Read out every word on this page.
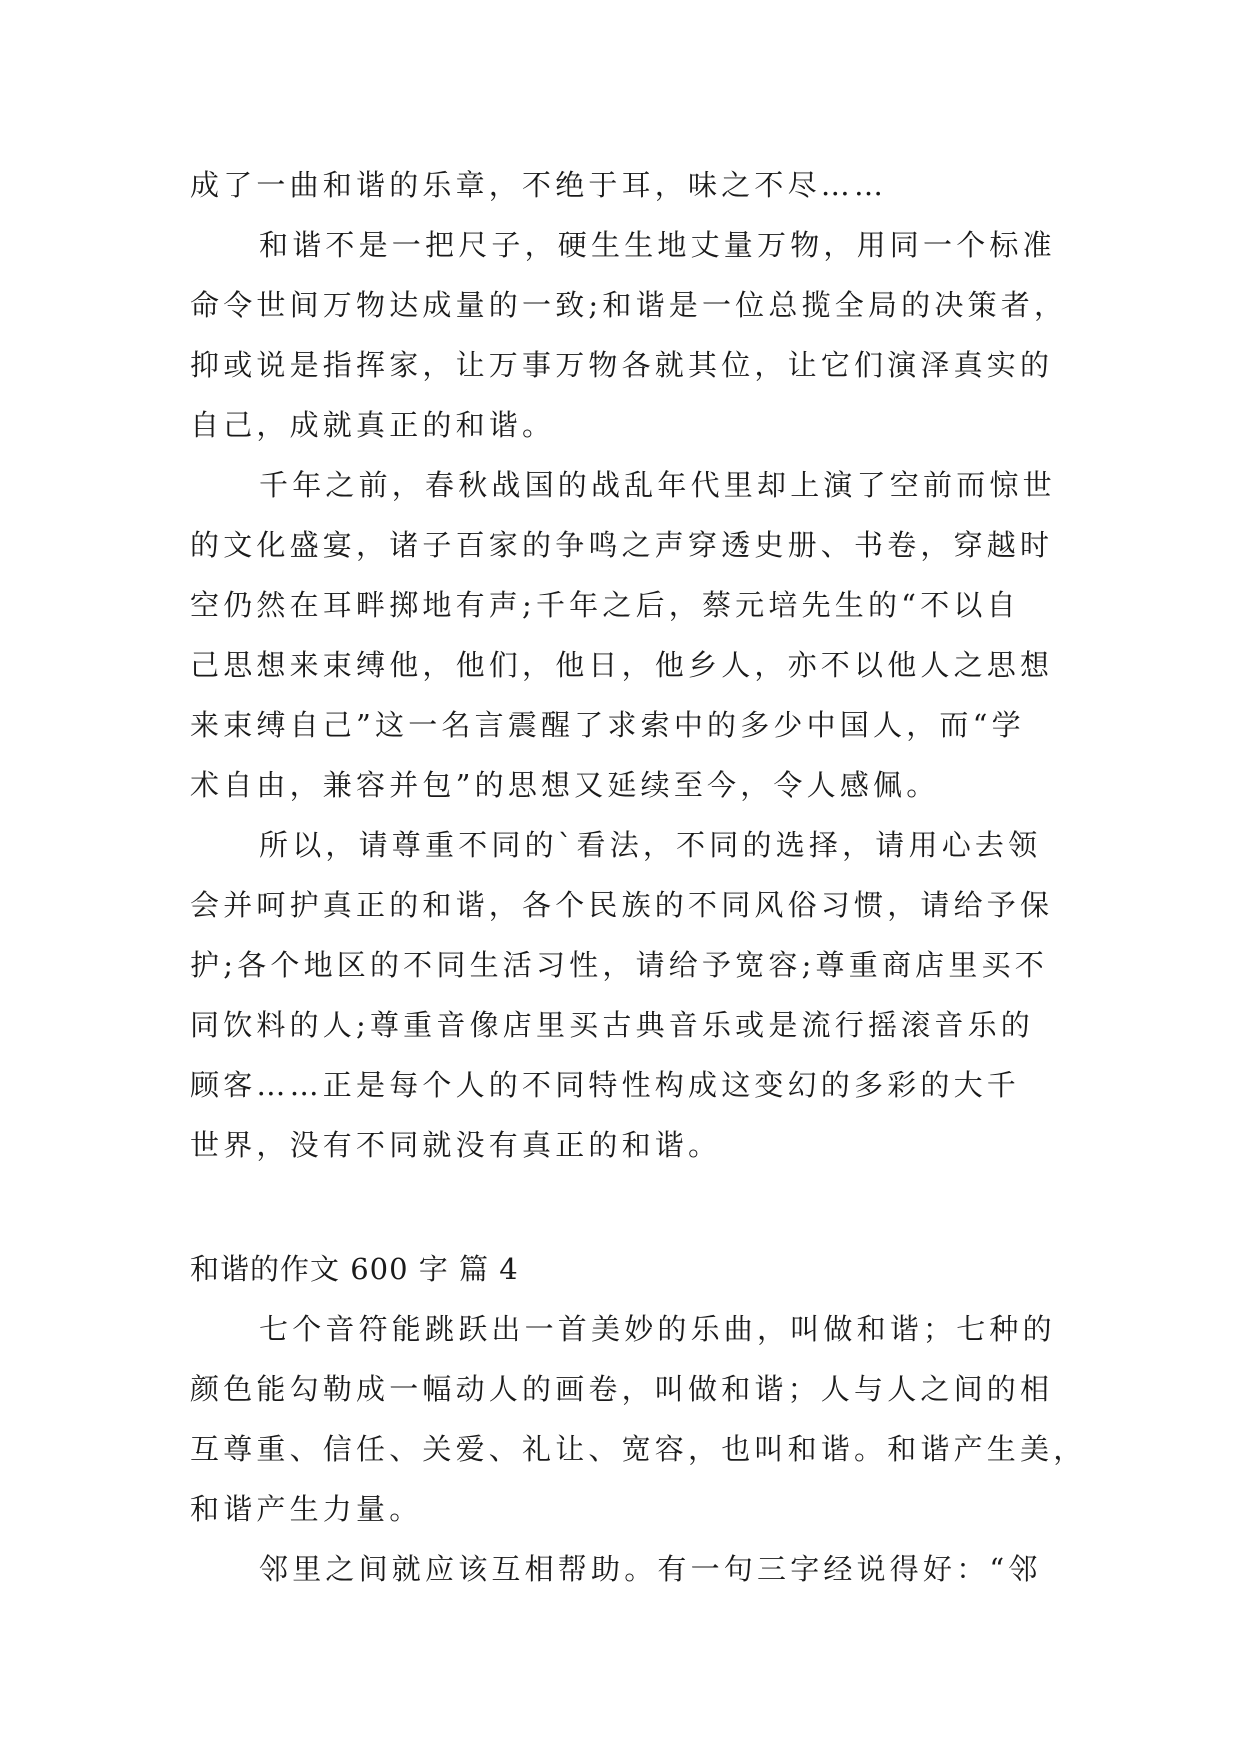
成了一曲和谐的乐章，不绝于耳，味之不尽……
和谐不是一把尺子，硬生生地丈量万物，用同一个标准
命令世间万物达成量的一致;和谐是一位总揽全局的决策者，
抑或说是指挥家，让万事万物各就其位，让它们演泽真实的
自己，成就真正的和谐。
千年之前，春秋战国的战乱年代里却上演了空前而惊世
的文化盛宴，诸子百家的争鸣之声穿透史册、书卷，穿越时
空仍然在耳畔掷地有声;千年之后，蔡元培先生的“不以自
己思想来束缚他，他们，他日，他乡人，亦不以他人之思想
来束缚自己”这一名言震醒了求索中的多少中国人，而“学
术自由，兼容并包”的思想又延续至今，令人感佩。
所以，请尊重不同的`看法，不同的选择，请用心去领
会并呵护真正的和谐，各个民族的不同风俗习惯，请给予保
护;各个地区的不同生活习性，请给予宽容;尊重商店里买不
同饮料的人;尊重音像店里买古典音乐或是流行摇滚音乐的
顾客……正是每个人的不同特性构成这变幻的多彩的大千
世界，没有不同就没有真正的和谐。
和谐的作文 600 字 篇 4
七个音符能跳跃出一首美妙的乐曲，叫做和谐；七种的
颜色能勾勒成一幅动人的画卷，叫做和谐；人与人之间的相
互尊重、信任、关爱、礼让、宽容，也叫和谐。和谐产生美，
和谐产生力量。
邻里之间就应该互相帮助。有一句三字经说得好：“邻
